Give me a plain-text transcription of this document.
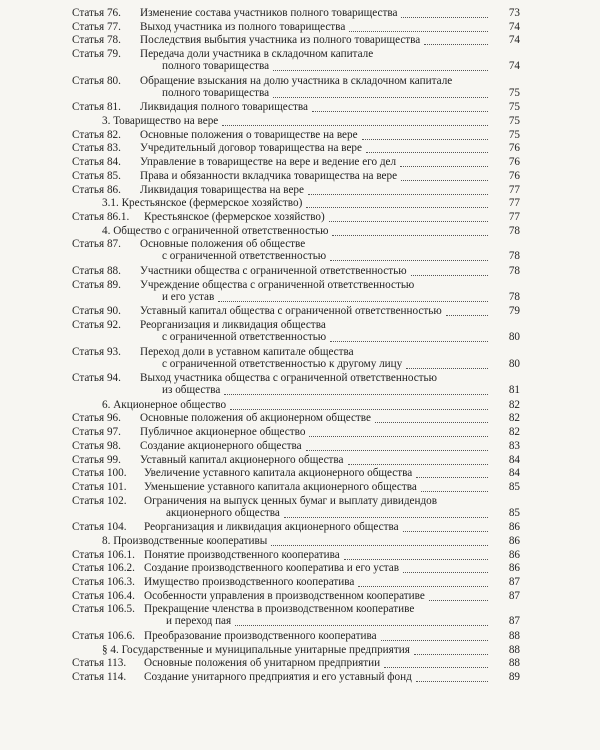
Статья 76. Изменение состава участников полного товарищества	73
Статья 77. Выход участника из полного товарищества	74
Статья 78. Последствия выбытия участника из полного товарищества	74
Статья 79. Передача доли участника в складочном капитале
полного товарищества	74
Статья 80. Обращение взыскания на долю участника в складочном капитале
полного товарищества	75
Статья 81. Ликвидация полного товарищества	75
3. Товарищество на вере	75
Статья 82. Основные положения о товариществе на вере	75
Статья 83. Учредительный договор товарищества на вере	76
Статья 84. Управление в товариществе на вере и ведение его дел	76
Статья 85. Права и обязанности вкладчика товарищества на вере	76
Статья 86. Ликвидация товарищества на вере	77
3.1. Крестьянское (фермерское хозяйство)	77
Статья 86.1. Крестьянское (фермерское хозяйство)	77
4. Общество с ограниченной ответственностью	78
Статья 87. Основные положения об обществе
с ограниченной ответственностью	78
Статья 88. Участники общества с ограниченной ответственностью	78
Статья 89. Учреждение общества с ограниченной ответственностью
и его устав	78
Статья 90. Уставный капитал общества с ограниченной ответственностью	79
Статья 92. Реорганизация и ликвидация общества
с ограниченной ответственностью	80
Статья 93. Переход доли в уставном капитале общества
с ограниченной ответственностью к другому лицу	80
Статья 94. Выход участника общества с ограниченной ответственностью
из общества	81
6. Акционерное общество	82
Статья 96. Основные положения об акционерном обществе	82
Статья 97. Публичное акционерное общество	82
Статья 98. Создание акционерного общества	83
Статья 99. Уставный капитал акционерного общества	84
Статья 100. Увеличение уставного капитала акционерного общества	84
Статья 101. Уменьшение уставного капитала акционерного общества	85
Статья 102. Ограничения на выпуск ценных бумаг и выплату дивидендов
акционерного общества	85
Статья 104. Реорганизация и ликвидация акционерного общества	86
8. Производственные кооперативы	86
Статья 106.1. Понятие производственного кооператива	86
Статья 106.2. Создание производственного кооператива и его устав	86
Статья 106.3. Имущество производственного кооператива	87
Статья 106.4. Особенности управления в производственном кооперативе	87
Статья 106.5. Прекращение членства в производственном кооперативе
и переход пая	87
Статья 106.6. Преобразование производственного кооператива	88
§ 4. Государственные и муниципальные унитарные предприятия	88
Статья 113. Основные положения об унитарном предприятии	88
Статья 114. Создание унитарного предприятия и его уставный фонд	89
